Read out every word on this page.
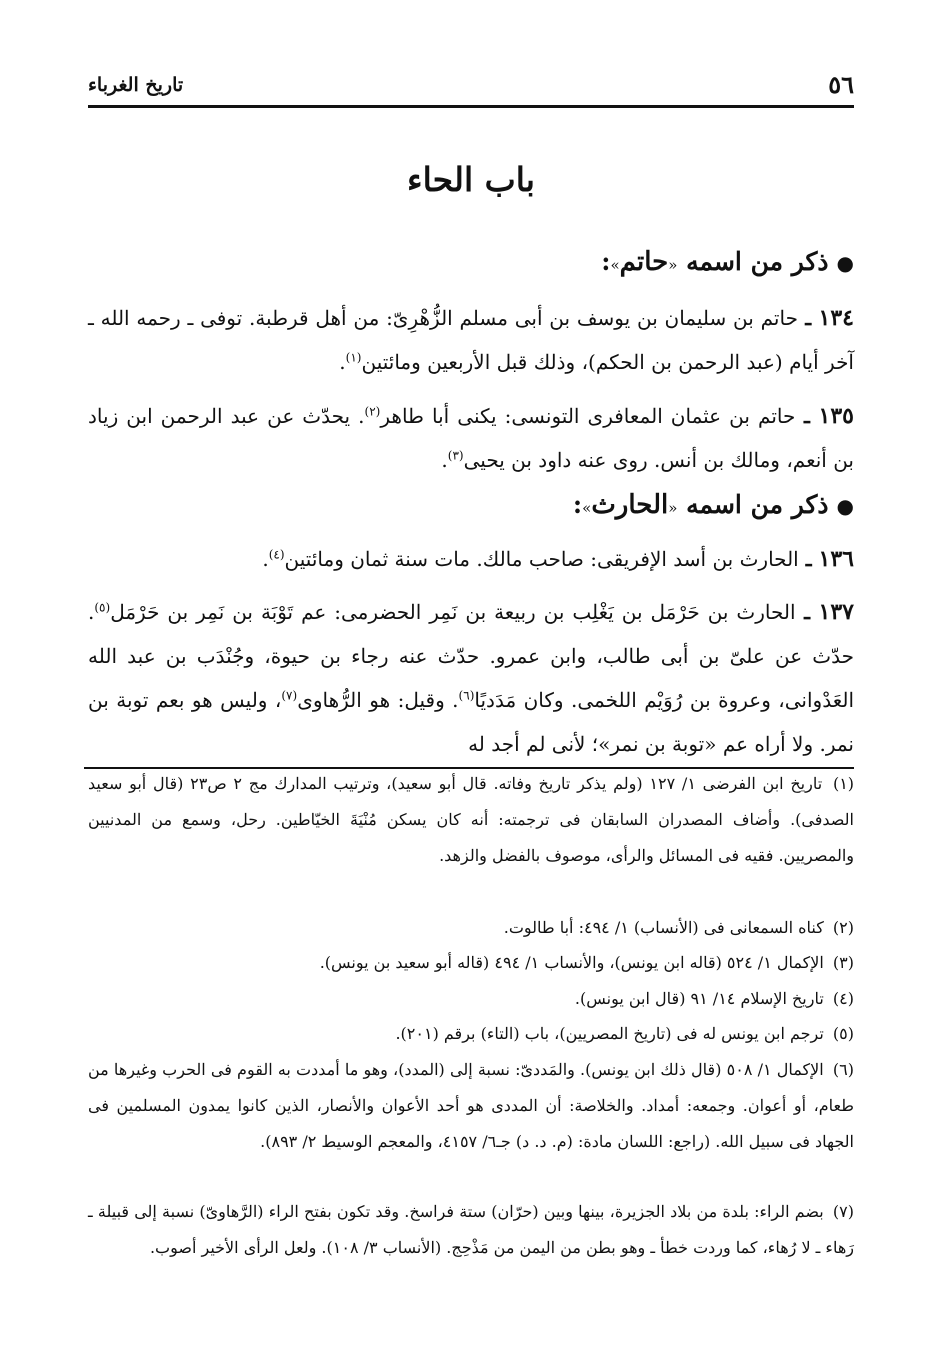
٥٦
تاريخ الغرباء
باب الحاء
●ذكر من اسمه «حاتم»:
١٣٤ ـ حاتم بن سليمان بن يوسف بن أبى مسلم الزُّهْرِىّ: من أهل قرطبة. توفى ـ رحمه الله ـ آخر أيام (عبد الرحمن بن الحكم)، وذلك قبل الأربعين ومائتين$^{(١)}$.
١٣٥ ـ حاتم بن عثمان المعافرى التونسى: يكنى أبا طاهر$^{(٢)}$. يحدّث عن عبد الرحمن ابن زياد بن أنعم، ومالك بن أنس. روى عنه داود بن يحيى$^{(٣)}$.
●ذكر من اسمه «الحارث»:
١٣٦ ـ الحارث بن أسد الإفريقى: صاحب مالك. مات سنة ثمان ومائتين$^{(٤)}$.
١٣٧ ـ الحارث بن حَرْمَل بن يَغْلِب بن ربيعة بن نَمِر الحضرمى: عم تَوْبَة بن نَمِر بن حَرْمَل$^{(٥)}$. حدّث عن علىّ بن أبى طالب، وابن عمرو. حدّث عنه رجاء بن حيوة، وجُنْدَب بن عبد الله العَدْوانى، وعروة بن رُوَيْم اللخمى. وكان مَدَديًا$^{(٦)}$. وقيل: هو الرُّهاوى$^{(٧)}$، وليس هو بعم توبة بن نمر. ولا أراه عم «توبة بن نمر»؛ لأنى لم أجد له
(١) تاريخ ابن الفرضى ١/ ١٢٧ (ولم يذكر تاريخ وفاته. قال أبو سعيد)، وترتيب المدارك مج ٢ ص٢٣ (قال أبو سعيد الصدفى). وأضاف المصدران السابقان فى ترجمته: أنه كان يسكن مُنْيَةَ الخيّاطين. رحل، وسمع من المدنيين والمصريين. فقيه فى المسائل والرأى، موصوف بالفضل والزهد.
(٢) كناه السمعانى فى (الأنساب) ١/ ٤٩٤: أبا طالوت.
(٣) الإكمال ١/ ٥٢٤ (قاله ابن يونس)، والأنساب ١/ ٤٩٤ (قاله أبو سعيد بن يونس).
(٤) تاريخ الإسلام ١٤/ ٩١ (قال ابن يونس).
(٥) ترجم ابن يونس له فى (تاريخ المصريين)، باب (التاء) برقم (٢٠١).
(٦) الإكمال ١/ ٥٠٨ (قال ذلك ابن يونس). والمَددىّ: نسبة إلى (المدد)، وهو ما أمددت به القوم فى الحرب وغيرها من طعام، أو أعوان. وجمعه: أمداد. والخلاصة: أن المددى هو أحد الأعوان والأنصار، الذين كانوا يمدون المسلمين فى الجهاد فى سبيل الله. (راجع: اللسان مادة: (م. د. د) جـ٦/ ٤١٥٧، والمعجم الوسيط ٢/ ٨٩٣).
(٧) بضم الراء: بلدة من بلاد الجزيرة، بينها وبين (حرّان) ستة فراسخ. وقد تكون بفتح الراء (الرَّهاوىّ) نسبة إلى قبيلة ـ رَهاء ـ لا رُهاء، كما وردت خطأ ـ وهو بطن من اليمن من مَذْحِج. (الأنساب ٣/ ١٠٨). ولعل الرأى الأخير أصوب.
